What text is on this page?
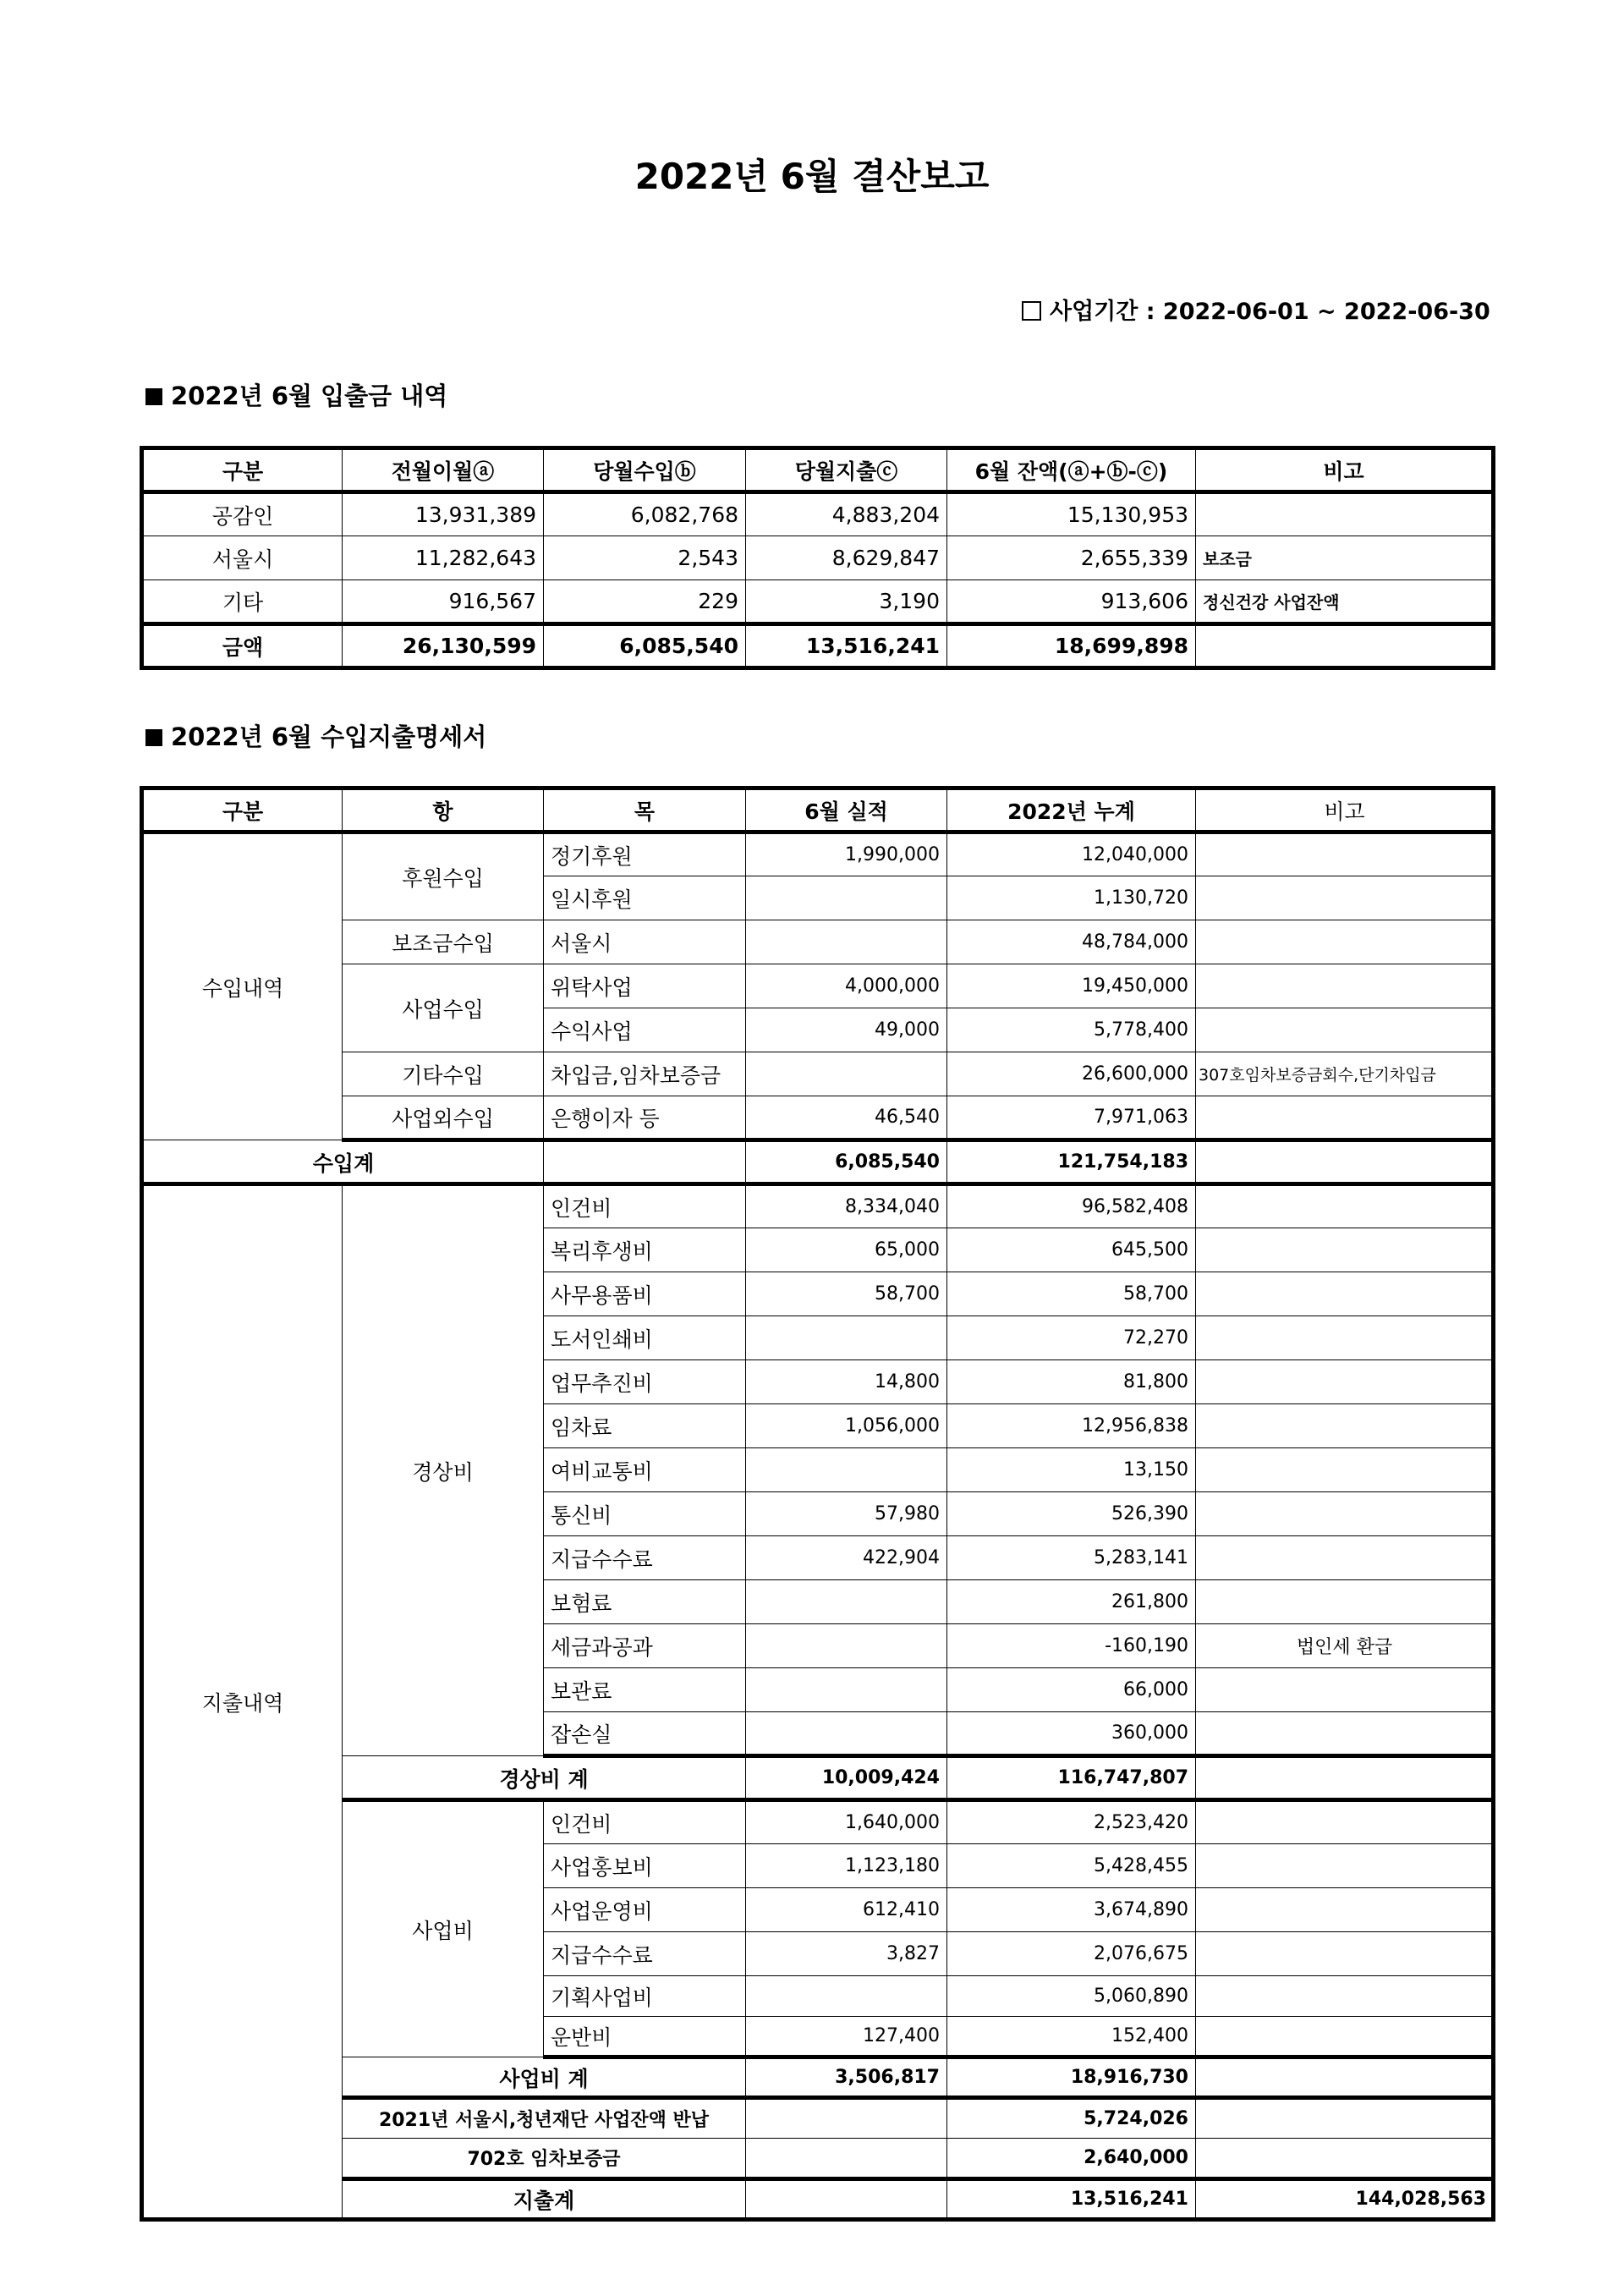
2022년 6월 결산보고
사업기간 : 2022-06-01 ~ 2022-06-30
2022년 6월 입출금 내역
구분	전월이월ⓐ	당월수입ⓑ	당월지출ⓒ	6월 잔액(ⓐ+ⓑ-ⓒ)	비고
공감인	13,931,389	6,082,768	4,883,204	15,130,953	
서울시	11,282,643	2,543	8,629,847	2,655,339	보조금
기타	916,567	229	3,190	913,606	정신건강 사업잔액
금액	26,130,599	6,085,540	13,516,241	18,699,898	
2022년 6월 수입지출명세서
구분	항	목	6월 실적	2022년 누계	비고	
수입내역	후원수입	정기후원	1,990,000	12,040,000		
		일시후원		1,130,720		
	보조금수입	서울시		48,784,000		
	사업수입	위탁사업	4,000,000	19,450,000		
		수익사업	49,000	5,778,400		
	기타수입	차입금,임차보증금		26,600,000	307호임차보증금회수,단기차입금	
	사업외수입	은행이자 등	46,540	7,971,063		
수입계			6,085,540	121,754,183		
지출내역	경상비	인건비	8,334,040	96,582,408		
		복리후생비	65,000	645,500		
		사무용품비	58,700	58,700		
		도서인쇄비		72,270		
		업무추진비	14,800	81,800		
		임차료	1,056,000	12,956,838		
		여비교통비		13,150		
		통신비	57,980	526,390		
		지급수수료	422,904	5,283,141		
		보험료		261,800		
		세금과공과		-160,190	법인세 환급	
		보관료		66,000		
		잡손실		360,000		
	경상비 계		10,009,424	116,747,807		
	사업비	인건비	1,640,000	2,523,420		
		사업홍보비	1,123,180	5,428,455		
		사업운영비	612,410	3,674,890		
		지급수수료	3,827	2,076,675		
		기획사업비		5,060,890		
		운반비	127,400	152,400		
	사업비 계		3,506,817	18,916,730		
	2021년 서울시,청년재단 사업잔액 반납			5,724,026		
	702호 임차보증금			2,640,000		
	지출계			13,516,241	144,028,563	
